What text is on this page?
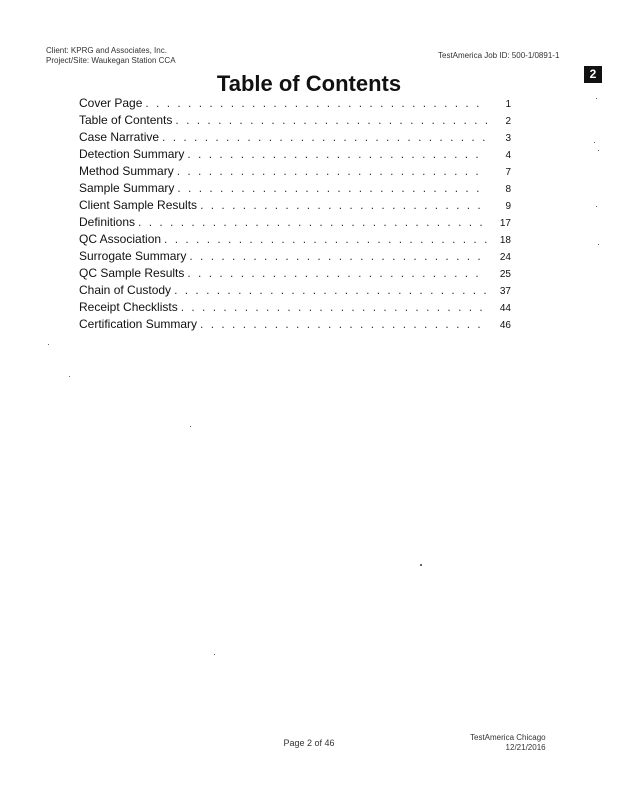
Client: KPRG and Associates, Inc.
Project/Site: Waukegan Station CCA
TestAmerica Job ID: 500-1/0891-1
2
Table of Contents
Cover Page . . .	1
Table of Contents . . .	2
Case Narrative . . .	3
Detection Summary . . .	4
Method Summary . . .	7
Sample Summary . . .	8
Client Sample Results . . .	9
Definitions . . .	17
QC Association . . .	18
Surrogate Summary . . .	24
QC Sample Results . . .	25
Chain of Custody . . .	37
Receipt Checklists . . .	44
Certification Summary . . .	46
Page 2 of 46
TestAmerica Chicago
12/21/2016
